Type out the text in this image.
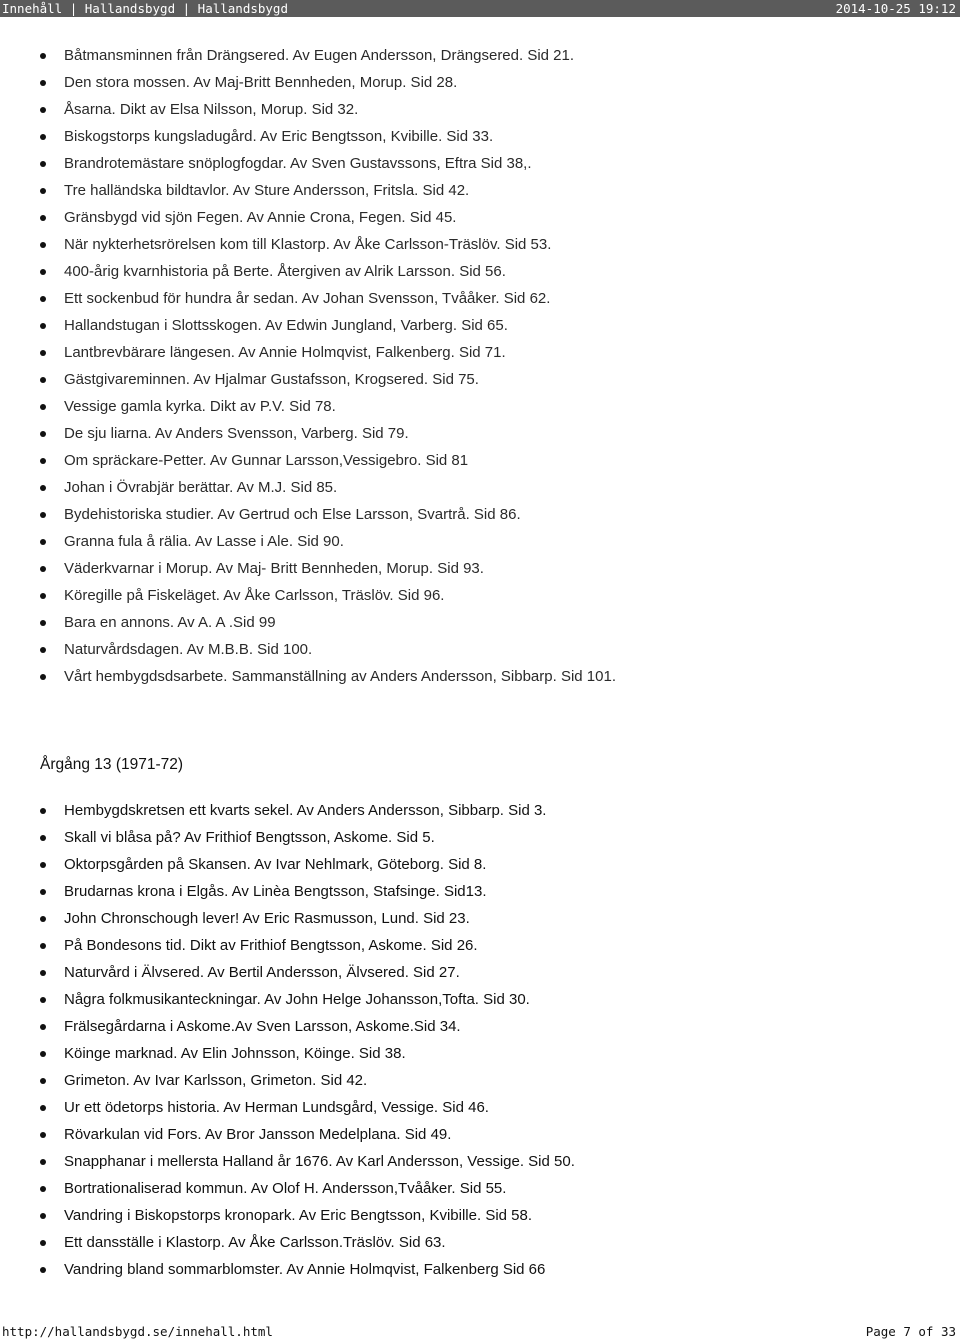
Innehåll | Hallandsbygd | Hallandsbygd	2014-10-25 19:12
Båtmansminnen från Drängsered. Av Eugen Andersson, Drängsered. Sid 21.
Den stora mossen. Av Maj-Britt Bennheden, Morup. Sid 28.
Åsarna. Dikt av Elsa Nilsson, Morup. Sid 32.
Biskogstorps kungsladugård. Av Eric Bengtsson, Kvibille. Sid 33.
Brandrotemästare snöplogfogdar. Av Sven Gustavssons, Eftra Sid 38,.
Tre halländska bildtavlor. Av Sture Andersson, Fritsla. Sid 42.
Gränsbygd vid sjön Fegen. Av Annie Crona, Fegen. Sid 45.
När nykterhetsrörelsen kom till Klastorp. Av Åke Carlsson-Träslöv. Sid 53.
400-årig kvarnhistoria på Berte. Återgiven av Alrik Larsson. Sid 56.
Ett sockenbud för hundra år sedan. Av Johan Svensson, Tvååker. Sid 62.
Hallandstugan i Slottsskogen. Av Edwin Jungland, Varberg. Sid 65.
Lantbrevbärare längesen. Av Annie Holmqvist, Falkenberg. Sid 71.
Gästgivareminnen. Av Hjalmar Gustafsson, Krogsered. Sid 75.
Vessige gamla kyrka. Dikt av P.V. Sid 78.
De sju liarna. Av Anders Svensson, Varberg. Sid 79.
Om spräckare-Petter. Av Gunnar Larsson,Vessigebro. Sid 81
Johan i Övrabjär berättar. Av M.J. Sid 85.
Bydehistoriska studier. Av Gertrud och Else Larsson, Svartrå. Sid 86.
Granna fula å rälia. Av Lasse i Ale. Sid 90.
Väderkvarnar i Morup. Av Maj- Britt Bennheden, Morup. Sid 93.
Köregille på Fiskeläget. Av Åke Carlsson, Träslöv. Sid 96.
Bara en annons. Av A. A .Sid 99
Naturvårdsdagen. Av M.B.B. Sid 100.
Vårt hembygdsdsarbete. Sammanställning av Anders Andersson, Sibbarp. Sid 101.
Årgång 13 (1971-72)
Hembygdskretsen ett kvarts sekel. Av Anders Andersson, Sibbarp. Sid 3.
Skall vi blåsa på? Av Frithiof Bengtsson, Askome. Sid 5.
Oktorpsgården på Skansen. Av Ivar Nehlmark, Göteborg. Sid 8.
Brudarnas krona i Elgås. Av Linèa Bengtsson, Stafsinge. Sid13.
John Chronschough lever! Av Eric Rasmusson, Lund. Sid 23.
På Bondesons tid. Dikt av Frithiof Bengtsson, Askome. Sid 26.
Naturvård i Älvsered. Av Bertil Andersson, Älvsered. Sid 27.
Några folkmusikanteckningar. Av John Helge Johansson,Tofta. Sid 30.
Frälsegårdarna i Askome.Av Sven Larsson, Askome.Sid 34.
Köinge marknad. Av Elin Johnsson, Köinge. Sid 38.
Grimeton. Av Ivar Karlsson, Grimeton. Sid 42.
Ur ett ödetorps historia. Av Herman Lundsgård, Vessige. Sid 46.
Rövarkulan vid Fors. Av Bror Jansson Medelplana. Sid 49.
Snapphanar i mellersta Halland år 1676. Av Karl Andersson, Vessige. Sid 50.
Bortrationaliserad kommun. Av Olof H. Andersson,Tvååker. Sid 55.
Vandring i Biskopstorps kronopark. Av Eric Bengtsson, Kvibille. Sid 58.
Ett dansställe i Klastorp. Av Åke Carlsson.Träslöv. Sid 63.
Vandring bland sommarblomster. Av Annie Holmqvist, Falkenberg Sid 66
http://hallandsbygd.se/innehall.html	Page 7 of 33
